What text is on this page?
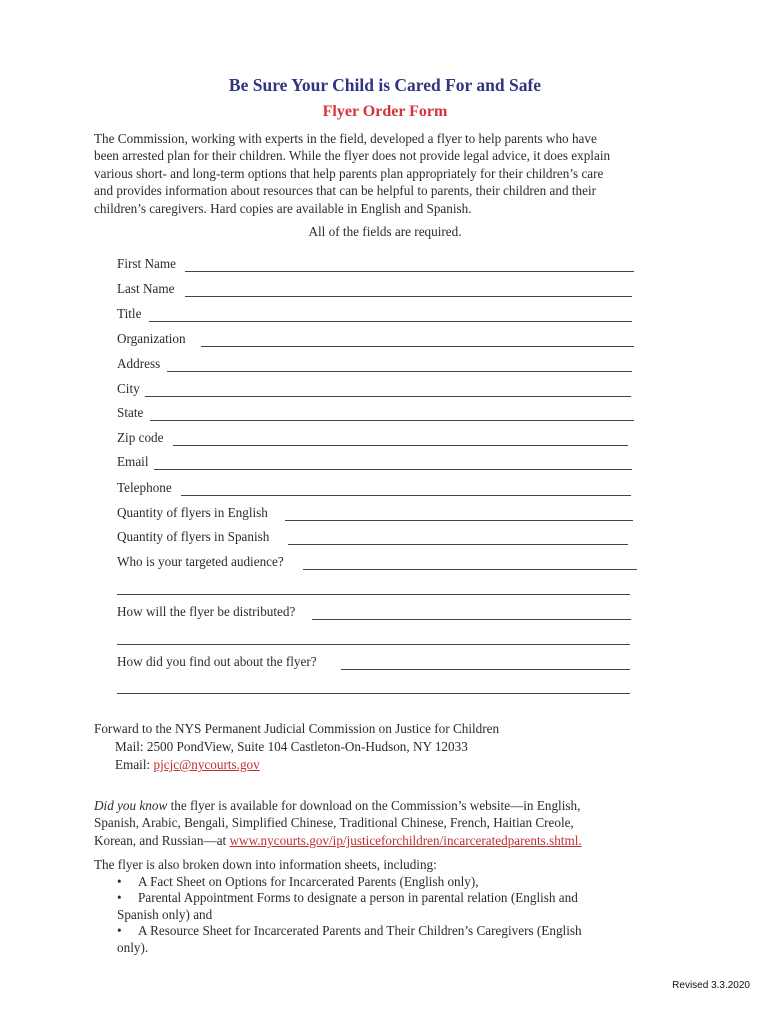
Be Sure Your Child is Cared For and Safe
Flyer Order Form
The Commission, working with experts in the field, developed a flyer to help parents who have
been arrested plan for their children. While the flyer does not provide legal advice, it does explain
various short- and long-term options that help parents plan appropriately for their children’s care
and provides information about resources that can be helpful to parents, their children and their
children’s caregivers. Hard copies are available in English and Spanish.
All of the fields are required.
First Name
Last Name
Title
Organization
Address
City
State
Zip code
Email
Telephone
Quantity of flyers in English
Quantity of flyers in Spanish
Who is your targeted audience?
How will the flyer be distributed?
How did you find out about the flyer?
Forward to the NYS Permanent Judicial Commission on Justice for Children
Mail: 2500 PondView, Suite 104 Castleton-On-Hudson, NY 12033
Email: pjcjc@nycourts.gov
Did you know the flyer is available for download on the Commission’s website—in English,
Spanish, Arabic, Bengali, Simplified Chinese, Traditional Chinese, French, Haitian Creole,
Korean, and Russian—at www.nycourts.gov/ip/justiceforchildren/incarceratedparents.shtml.
The flyer is also broken down into information sheets, including:
• A Fact Sheet on Options for Incarcerated Parents (English only),
• Parental Appointment Forms to designate a person in parental relation (English and
Spanish only) and
• A Resource Sheet for Incarcerated Parents and Their Children’s Caregivers (English
only).
Revised 3.3.2020
